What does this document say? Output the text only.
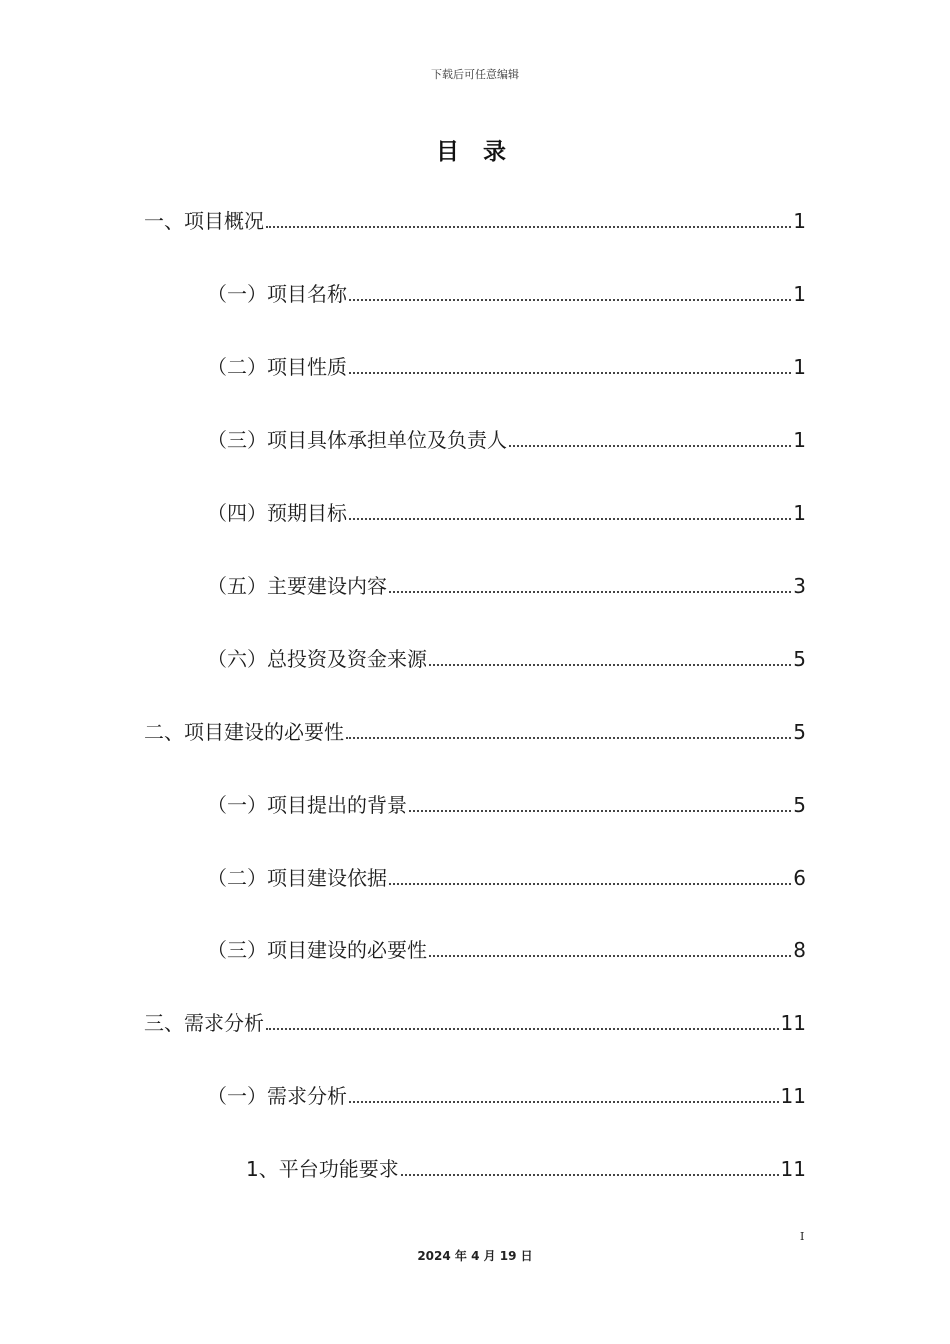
下载后可任意编辑
目 录
一、项目概况	1
（一）项目名称	1
（二）项目性质	1
（三）项目具体承担单位及负责人	1
（四）预期目标	1
（五）主要建设内容	3
（六）总投资及资金来源	5
二、项目建设的必要性	5
（一）项目提出的背景	5
（二）项目建设依据	6
（三）项目建设的必要性	8
三、需求分析	11
（一）需求分析	11
1、平台功能要求	11
I
2024 年 4 月 19 日
